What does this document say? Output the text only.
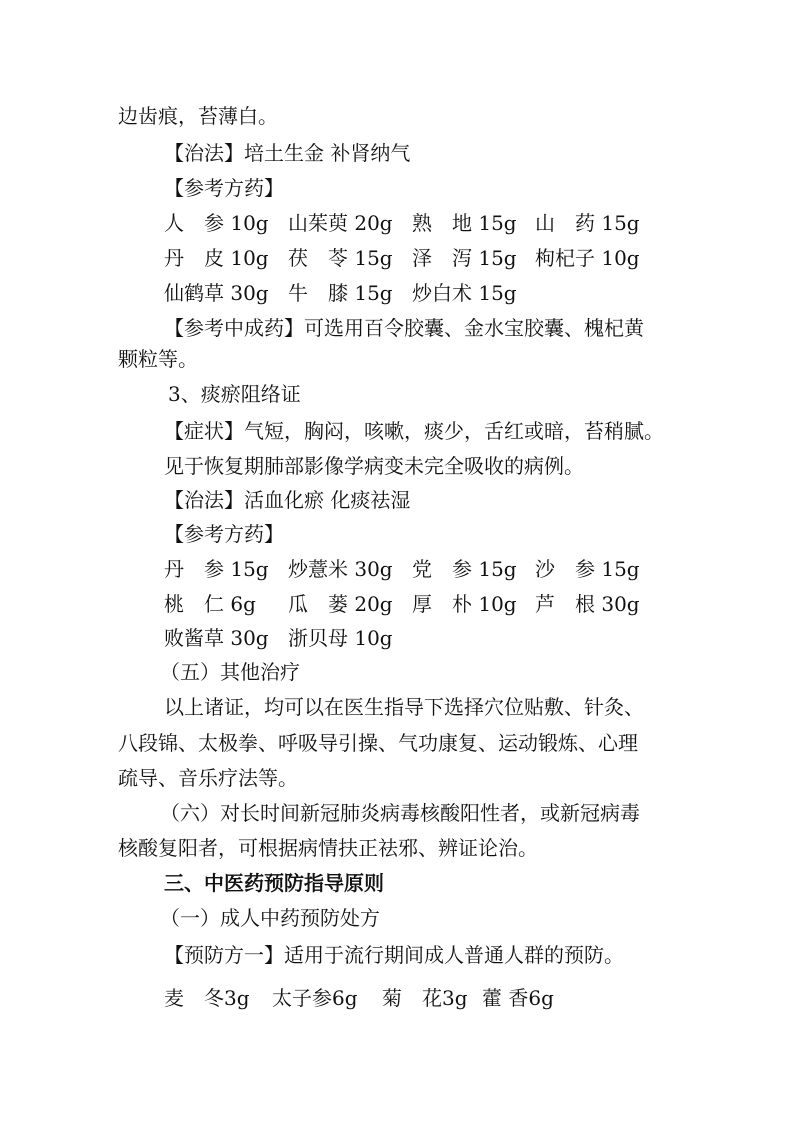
边齿痕，苔薄白。
【治法】培土生金 补肾纳气
【参考方药】
人　参 10g 山茱萸 20g 熟　地 15g 山　药 15g
丹　皮 10g 茯　苓 15g 泽　泻 15g 枸杞子 10g
仙鹤草 30g 牛　膝 15g 炒白术 15g
【参考中成药】可选用百令胶囊、金水宝胶囊、槐杞黄
颗粒等。
3、痰瘀阻络证
【症状】气短，胸闷，咳嗽，痰少，舌红或暗，苔稍腻。
见于恢复期肺部影像学病变未完全吸收的病例。
【治法】活血化瘀 化痰祛湿
【参考方药】
丹　参 15g 炒薏米 30g 党　参 15g 沙　参 15g
桃　仁 6g 瓜　蒌 20g 厚　朴 10g 芦　根 30g
败酱草 30g 浙贝母 10g
（五）其他治疗
以上诸证，均可以在医生指导下选择穴位贴敷、针灸、
八段锦、太极拳、呼吸导引操、气功康复、运动锻炼、心理
疏导、音乐疗法等。
（六）对长时间新冠肺炎病毒核酸阳性者，或新冠病毒
核酸复阳者，可根据病情扶正祛邪、辨证论治。
三、中医药预防指导原则
（一）成人中药预防处方
【预防方一】适用于流行期间成人普通人群的预防。
麦　冬3g 太子参6g 菊　花3g 藿 香6g
